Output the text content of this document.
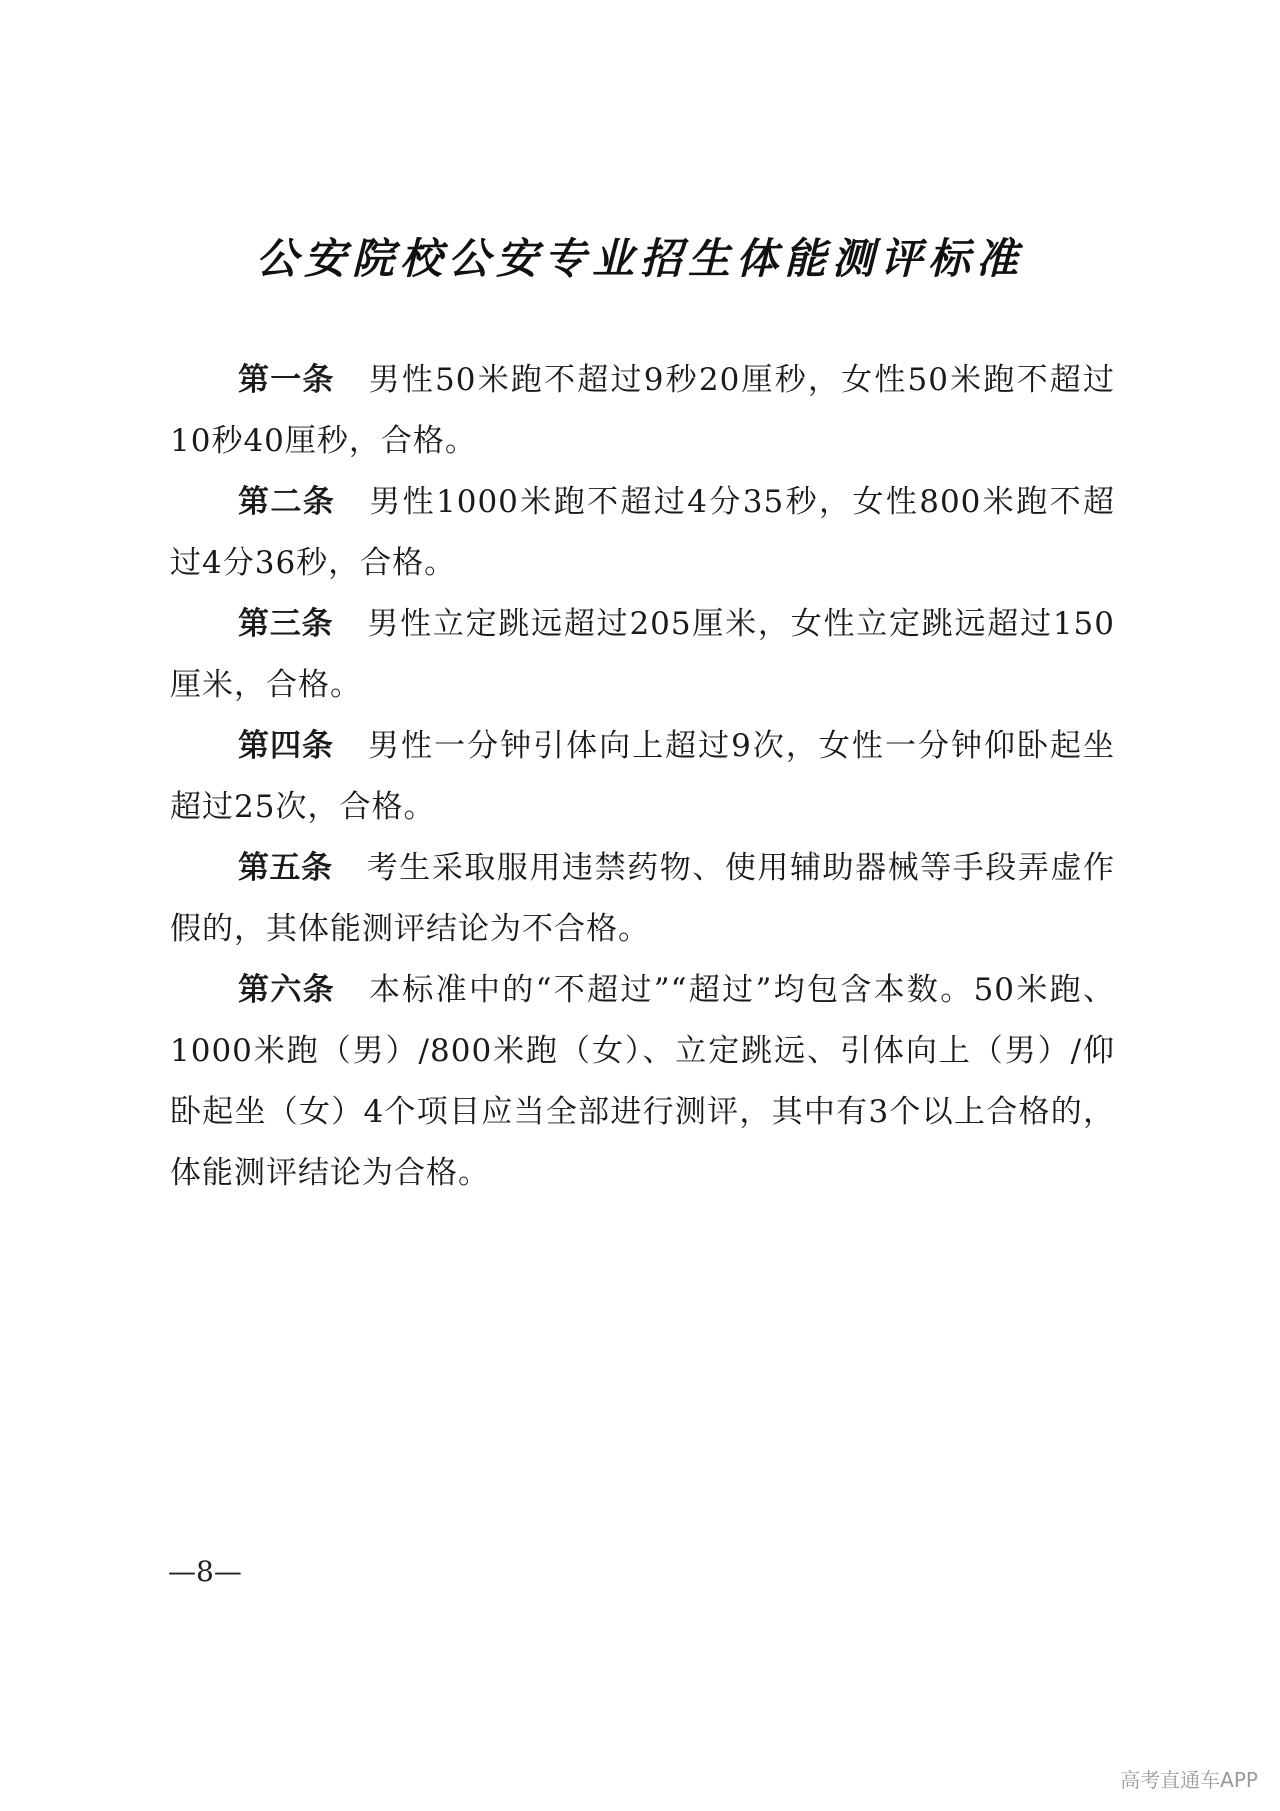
公安院校公安专业招生体能测评标准

第一条 男性50米跑不超过9秒20厘秒，女性50米跑不超过10秒40厘秒，合格。

第二条 男性1000米跑不超过4分35秒，女性800米跑不超过4分36秒，合格。

第三条 男性立定跳远超过205厘米，女性立定跳远超过150厘米，合格。

第四条 男性一分钟引体向上超过9次，女性一分钟仰卧起坐超过25次，合格。

第五条 考生采取服用违禁药物、使用辅助器械等手段弄虚作假的，其体能测评结论为不合格。

第六条 本标准中的“不超过”“超过”均包含本数。50米跑、1000米跑（男）/800米跑（女）、立定跳远、引体向上（男）/仰卧起坐（女）4个项目应当全部进行测评，其中有3个以上合格的，体能测评结论为合格。

—8—
高考直通车APP
